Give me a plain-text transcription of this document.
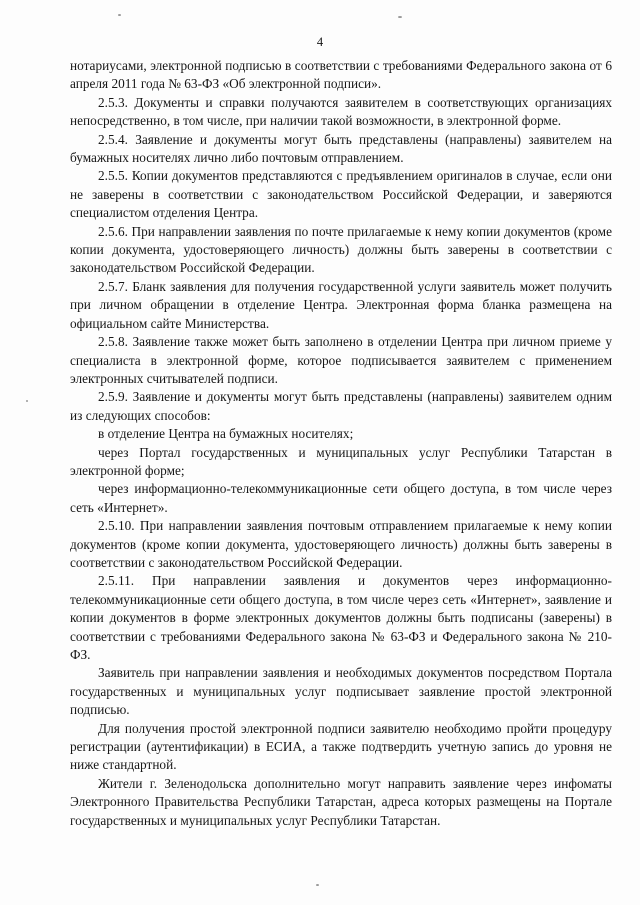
4

нотариусами, электронной подписью в соответствии с требованиями Федерального закона от 6 апреля 2011 года № 63-ФЗ «Об электронной подписи».

2.5.3. Документы и справки получаются заявителем в соответствующих организациях непосредственно, в том числе, при наличии такой возможности, в электронной форме.

2.5.4. Заявление и документы могут быть представлены (направлены) заявителем на бумажных носителях лично либо почтовым отправлением.

2.5.5. Копии документов представляются с предъявлением оригиналов в случае, если они не заверены в соответствии с законодательством Российской Федерации, и заверяются специалистом отделения Центра.

2.5.6. При направлении заявления по почте прилагаемые к нему копии документов (кроме копии документа, удостоверяющего личность) должны быть заверены в соответствии с законодательством Российской Федерации.

2.5.7. Бланк заявления для получения государственной услуги заявитель может получить при личном обращении в отделение Центра. Электронная форма бланка размещена на официальном сайте Министерства.

2.5.8. Заявление также может быть заполнено в отделении Центра при личном приеме у специалиста в электронной форме, которое подписывается заявителем с применением электронных считывателей подписи.

2.5.9. Заявление и документы могут быть представлены (направлены) заявителем одним из следующих способов:

в отделение Центра на бумажных носителях;

через Портал государственных и муниципальных услуг Республики Татарстан в электронной форме;

через информационно-телекоммуникационные сети общего доступа, в том числе через сеть «Интернет».

2.5.10. При направлении заявления почтовым отправлением прилагаемые к нему копии документов (кроме копии документа, удостоверяющего личность) должны быть заверены в соответствии с законодательством Российской Федерации.

2.5.11. При направлении заявления и документов через информационно-телекоммуникационные сети общего доступа, в том числе через сеть «Интернет», заявление и копии документов в форме электронных документов должны быть подписаны (заверены) в соответствии с требованиями Федерального закона № 63-ФЗ и Федерального закона № 210-ФЗ.

Заявитель при направлении заявления и необходимых документов посредством Портала государственных и муниципальных услуг подписывает заявление простой электронной подписью.

Для получения простой электронной подписи заявителю необходимо пройти процедуру регистрации (аутентификации) в ЕСИА, а также подтвердить учетную запись до уровня не ниже стандартной.

Жители г. Зеленодольска дополнительно могут направить заявление через инфоматы Электронного Правительства Республики Татарстан, адреса которых размещены на Портале государственных и муниципальных услуг Республики Татарстан.
